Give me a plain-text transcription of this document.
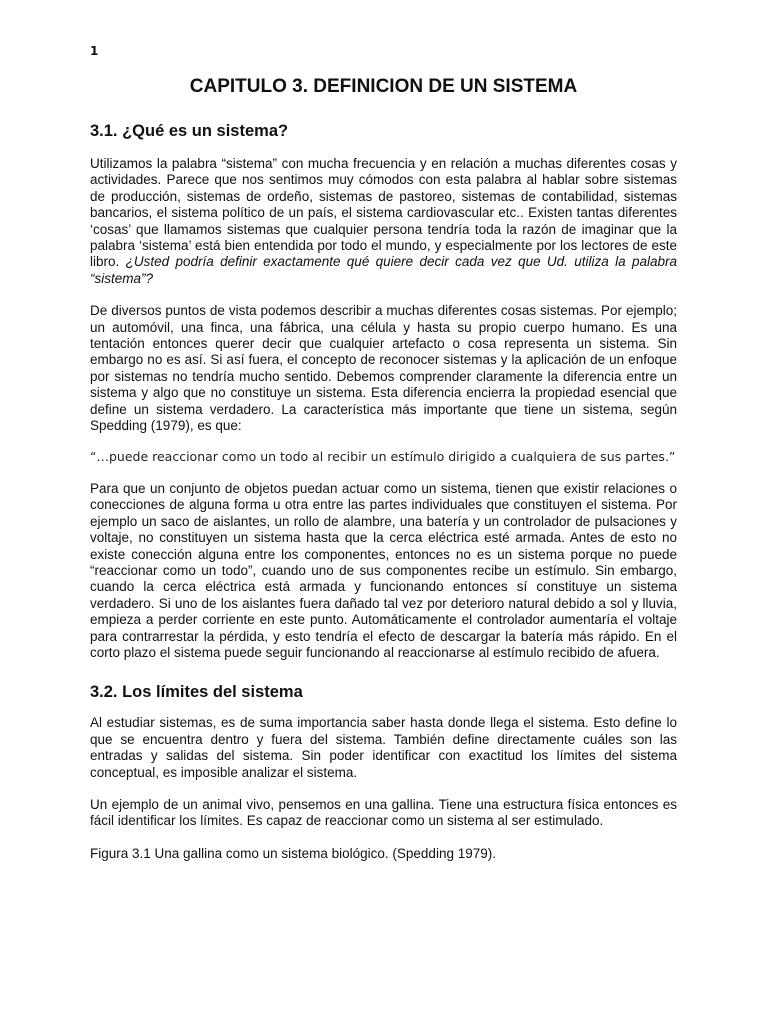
1
CAPITULO 3. DEFINICION DE UN SISTEMA
3.1. ¿Qué es un sistema?

Utilizamos la palabra “sistema” con mucha frecuencia y en relación a muchas diferentes cosas y actividades. Parece que nos sentimos muy cómodos con esta palabra al hablar sobre sistemas de producción, sistemas de ordeño, sistemas de pastoreo, sistemas de contabilidad, sistemas bancarios, el sistema político de un país, el sistema cardiovascular etc.. Existen tantas diferentes ‘cosas’ que llamamos sistemas que cualquier persona tendría toda la razón de imaginar que la palabra ‘sistema’ está bien entendida por todo el mundo, y especialmente por los lectores de este libro. ¿Usted podría definir exactamente qué quiere decir cada vez que Ud. utiliza la palabra “sistema”?

De diversos puntos de vista podemos describir a muchas diferentes cosas sistemas. Por ejemplo; un automóvil, una finca, una fábrica, una célula y hasta su propio cuerpo humano. Es una tentación entonces querer decir que cualquier artefacto o cosa representa un sistema. Sin embargo no es así. Si así fuera, el concepto de reconocer sistemas y la aplicación de un enfoque por sistemas no tendría mucho sentido. Debemos comprender claramente la diferencia entre un sistema y algo que no constituye un sistema. Esta diferencia encierra la propiedad esencial que define un sistema verdadero. La característica más importante que tiene un sistema, según Spedding (1979), es que:

“…puede reaccionar como un todo al recibir un estímulo dirigido a cualquiera de sus partes.”

Para que un conjunto de objetos puedan actuar como un sistema, tienen que existir relaciones o conecciones de alguna forma u otra entre las partes individuales que constituyen el sistema. Por ejemplo un saco de aislantes, un rollo de alambre, una batería y un controlador de pulsaciones y voltaje, no constituyen un sistema hasta que la cerca eléctrica esté armada. Antes de esto no existe conección alguna entre los componentes, entonces no es un sistema porque no puede “reaccionar como un todo”, cuando uno de sus componentes recibe un estímulo. Sin embargo, cuando la cerca eléctrica está armada y funcionando entonces sí constituye un sistema verdadero. Si uno de los aislantes fuera dañado tal vez por deterioro natural debido a sol y lluvia, empieza a perder corriente en este punto. Automáticamente el controlador aumentaría el voltaje para contrarrestar la pérdida, y esto tendría el efecto de descargar la batería más rápido. En el corto plazo el sistema puede seguir funcionando al reaccionarse al estímulo recibido de afuera.

3.2. Los límites del sistema

Al estudiar sistemas, es de suma importancia saber hasta donde llega el sistema. Esto define lo que se encuentra dentro y fuera del sistema. También define directamente cuáles son las entradas y salidas del sistema. Sin poder identificar con exactitud los límites del sistema conceptual, es imposible analizar el sistema.

Un ejemplo de un animal vivo, pensemos en una gallina. Tiene una estructura física entonces es fácil identificar los límites. Es capaz de reaccionar como un sistema al ser estimulado.

Figura 3.1 Una gallina como un sistema biológico. (Spedding 1979).
